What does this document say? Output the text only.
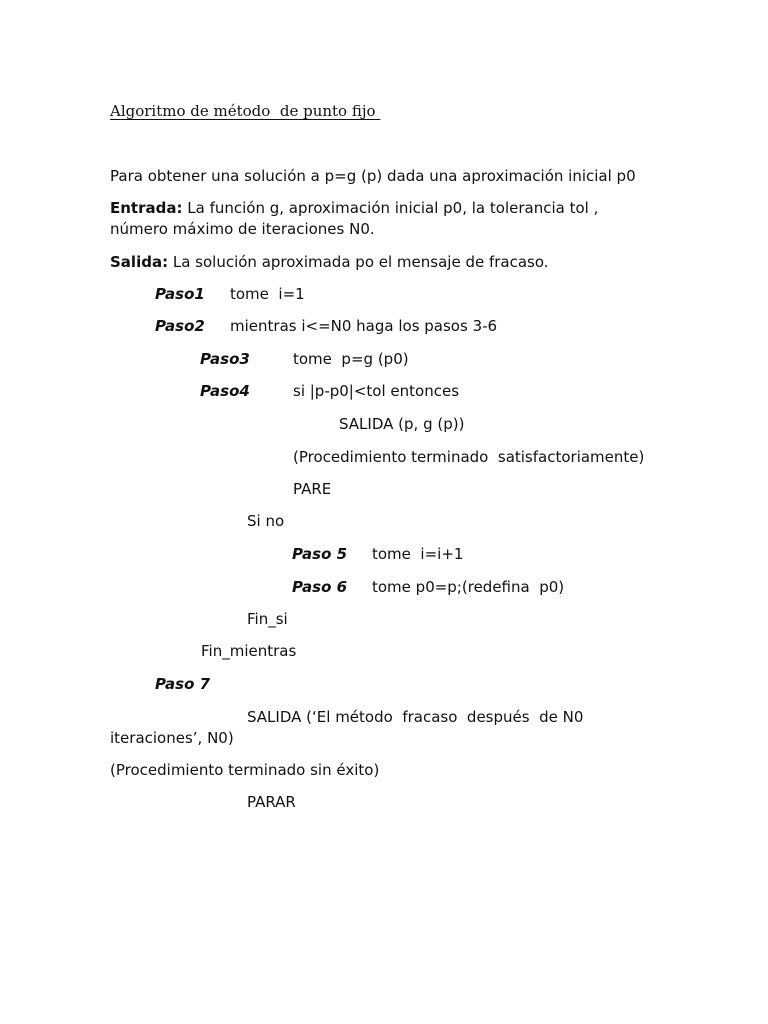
Algoritmo de método  de punto fijo
Para obtener una solución a p=g (p) dada una aproximación inicial p0
Entrada: La función g, aproximación inicial p0, la tolerancia tol ,
número máximo de iteraciones N0.
Salida: La solución aproximada po el mensaje de fracaso.
Paso1 tome  i=1
Paso2 mientras i<=N0 haga los pasos 3-6
Paso3	tome  p=g (p0)
Paso4	si |p-p0|<tol entonces
SALIDA (p, g (p))
(Procedimiento terminado  satisfactoriamente)
PARE
Si no
Paso 5 tome  i=i+1
Paso 6 tome p0=p;(redefina  p0)
Fin_si
Fin_mientras
Paso 7
SALIDA (‘El método  fracaso  después  de N0
iteraciones’, N0)
(Procedimiento terminado sin éxito)
PARAR
